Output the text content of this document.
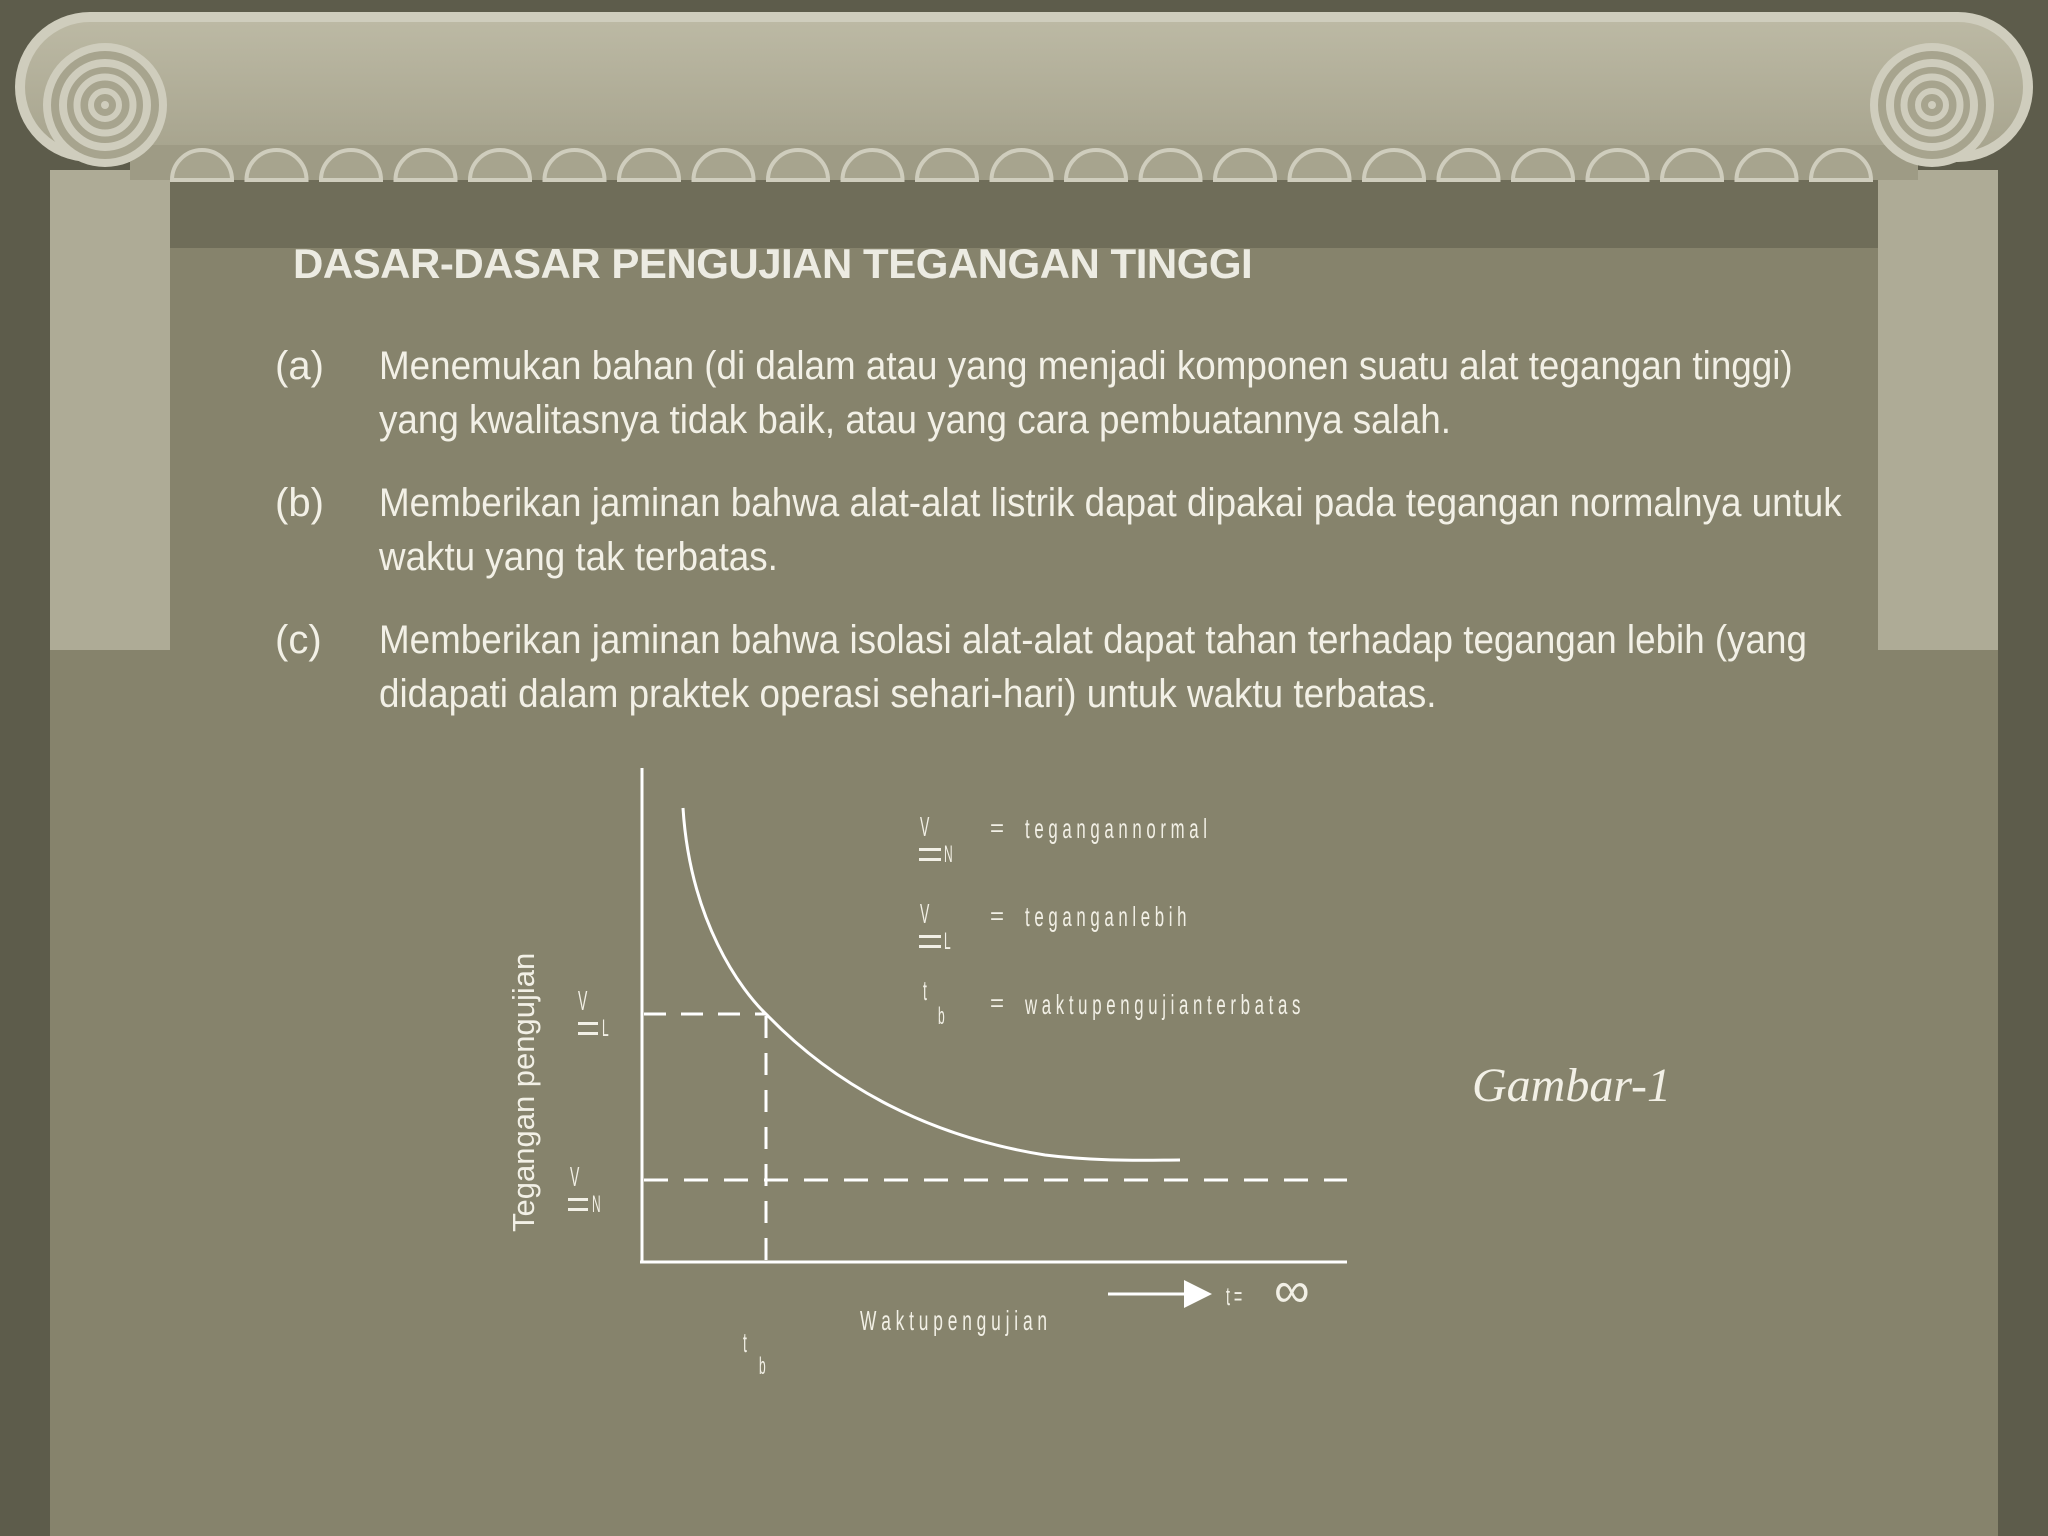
DASAR-DASAR PENGUJIAN TEGANGAN TINGGI
(a) Menemukan bahan (di dalam atau yang menjadi komponen suatu alat tegangan tinggi)
yang kwalitasnya tidak baik, atau yang cara pembuatannya salah.
(b) Memberikan jaminan bahwa alat-alat listrik dapat dipakai pada tegangan normalnya untuk
waktu yang tak terbatas.
(c) Memberikan jaminan bahwa isolasi alat-alat dapat tahan terhadap tegangan lebih (yang
didapati dalam praktek operasi sehari-hari) untuk waktu terbatas.
Tegangan pengujian V
L
V
N
t
b
W a k t u p e n g u j i a n
t = ∞
V
N
= t e g a n g a n n o r m a l
V
L
= t e g a n g a n l e b i h
t
b
= w a k t u p e n g u j i a n t e r b a t a s
Gambar-1
